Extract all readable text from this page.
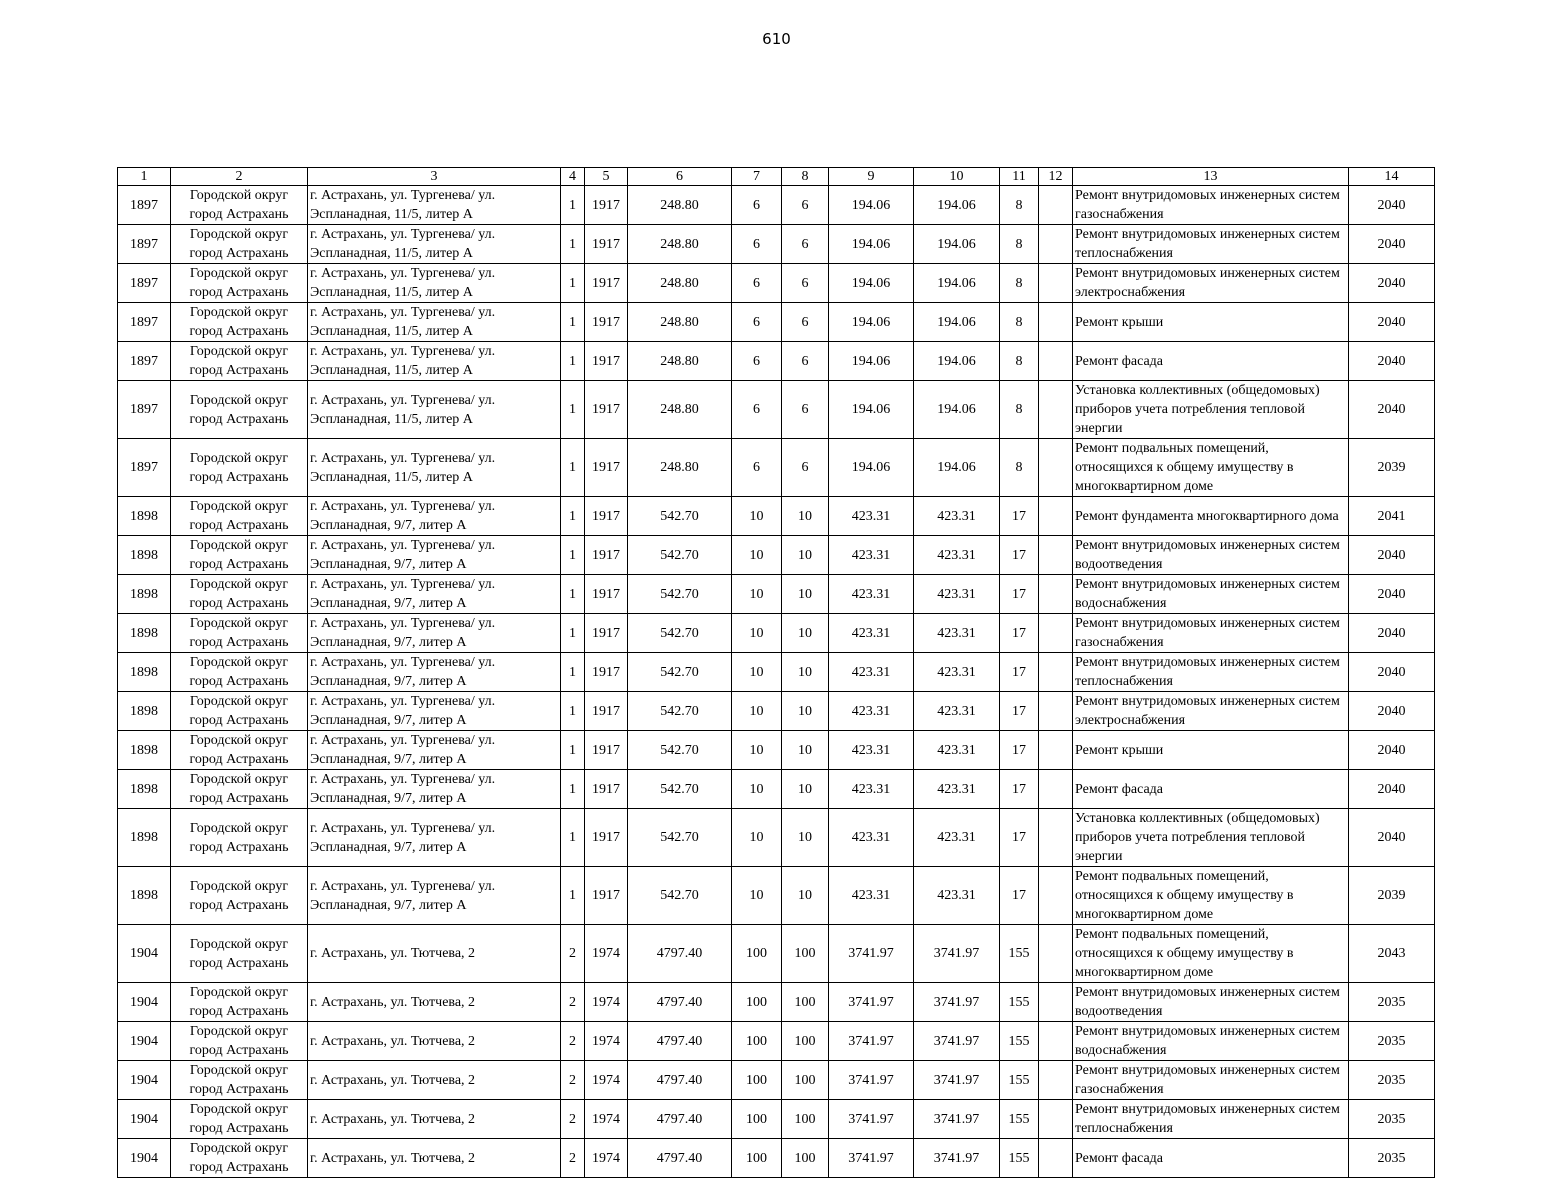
610
1	2	3	4	5	6	7	8	9	10	11	12	13	14
1897	Городской округ город Астрахань	г. Астрахань, ул. Тургенева/ ул. Эспланадная, 11/5, литер А	1	1917	248.80	6	6	194.06	194.06	8		Ремонт внутридомовых инженерных систем газоснабжения	2040
1897	Городской округ город Астрахань	г. Астрахань, ул. Тургенева/ ул. Эспланадная, 11/5, литер А	1	1917	248.80	6	6	194.06	194.06	8		Ремонт внутридомовых инженерных систем теплоснабжения	2040
1897	Городской округ город Астрахань	г. Астрахань, ул. Тургенева/ ул. Эспланадная, 11/5, литер А	1	1917	248.80	6	6	194.06	194.06	8		Ремонт внутридомовых инженерных систем электроснабжения	2040
1897	Городской округ город Астрахань	г. Астрахань, ул. Тургенева/ ул. Эспланадная, 11/5, литер А	1	1917	248.80	6	6	194.06	194.06	8		Ремонт крыши	2040
1897	Городской округ город Астрахань	г. Астрахань, ул. Тургенева/ ул. Эспланадная, 11/5, литер А	1	1917	248.80	6	6	194.06	194.06	8		Ремонт фасада	2040
1897	Городской округ город Астрахань	г. Астрахань, ул. Тургенева/ ул. Эспланадная, 11/5, литер А	1	1917	248.80	6	6	194.06	194.06	8		Установка коллективных (общедомовых) приборов учета потребления тепловой энергии	2040
1897	Городской округ город Астрахань	г. Астрахань, ул. Тургенева/ ул. Эспланадная, 11/5, литер А	1	1917	248.80	6	6	194.06	194.06	8		Ремонт подвальных помещений, относящихся к общему имуществу в многоквартирном доме	2039
1898	Городской округ город Астрахань	г. Астрахань, ул. Тургенева/ ул. Эспланадная, 9/7, литер А	1	1917	542.70	10	10	423.31	423.31	17		Ремонт фундамента многоквартирного дома	2041
1898	Городской округ город Астрахань	г. Астрахань, ул. Тургенева/ ул. Эспланадная, 9/7, литер А	1	1917	542.70	10	10	423.31	423.31	17		Ремонт внутридомовых инженерных систем водоотведения	2040
1898	Городской округ город Астрахань	г. Астрахань, ул. Тургенева/ ул. Эспланадная, 9/7, литер А	1	1917	542.70	10	10	423.31	423.31	17		Ремонт внутридомовых инженерных систем водоснабжения	2040
1898	Городской округ город Астрахань	г. Астрахань, ул. Тургенева/ ул. Эспланадная, 9/7, литер А	1	1917	542.70	10	10	423.31	423.31	17		Ремонт внутридомовых инженерных систем газоснабжения	2040
1898	Городской округ город Астрахань	г. Астрахань, ул. Тургенева/ ул. Эспланадная, 9/7, литер А	1	1917	542.70	10	10	423.31	423.31	17		Ремонт внутридомовых инженерных систем теплоснабжения	2040
1898	Городской округ город Астрахань	г. Астрахань, ул. Тургенева/ ул. Эспланадная, 9/7, литер А	1	1917	542.70	10	10	423.31	423.31	17		Ремонт внутридомовых инженерных систем электроснабжения	2040
1898	Городской округ город Астрахань	г. Астрахань, ул. Тургенева/ ул. Эспланадная, 9/7, литер А	1	1917	542.70	10	10	423.31	423.31	17		Ремонт крыши	2040
1898	Городской округ город Астрахань	г. Астрахань, ул. Тургенева/ ул. Эспланадная, 9/7, литер А	1	1917	542.70	10	10	423.31	423.31	17		Ремонт фасада	2040
1898	Городской округ город Астрахань	г. Астрахань, ул. Тургенева/ ул. Эспланадная, 9/7, литер А	1	1917	542.70	10	10	423.31	423.31	17		Установка коллективных (общедомовых) приборов учета потребления тепловой энергии	2040
1898	Городской округ город Астрахань	г. Астрахань, ул. Тургенева/ ул. Эспланадная, 9/7, литер А	1	1917	542.70	10	10	423.31	423.31	17		Ремонт подвальных помещений, относящихся к общему имуществу в многоквартирном доме	2039
1904	Городской округ город Астрахань	г. Астрахань, ул. Тютчева, 2	2	1974	4797.40	100	100	3741.97	3741.97	155		Ремонт подвальных помещений, относящихся к общему имуществу в многоквартирном доме	2043
1904	Городской округ город Астрахань	г. Астрахань, ул. Тютчева, 2	2	1974	4797.40	100	100	3741.97	3741.97	155		Ремонт внутридомовых инженерных систем водоотведения	2035
1904	Городской округ город Астрахань	г. Астрахань, ул. Тютчева, 2	2	1974	4797.40	100	100	3741.97	3741.97	155		Ремонт внутридомовых инженерных систем водоснабжения	2035
1904	Городской округ город Астрахань	г. Астрахань, ул. Тютчева, 2	2	1974	4797.40	100	100	3741.97	3741.97	155		Ремонт внутридомовых инженерных систем газоснабжения	2035
1904	Городской округ город Астрахань	г. Астрахань, ул. Тютчева, 2	2	1974	4797.40	100	100	3741.97	3741.97	155		Ремонт внутридомовых инженерных систем теплоснабжения	2035
1904	Городской округ город Астрахань	г. Астрахань, ул. Тютчева, 2	2	1974	4797.40	100	100	3741.97	3741.97	155		Ремонт фасада	2035
